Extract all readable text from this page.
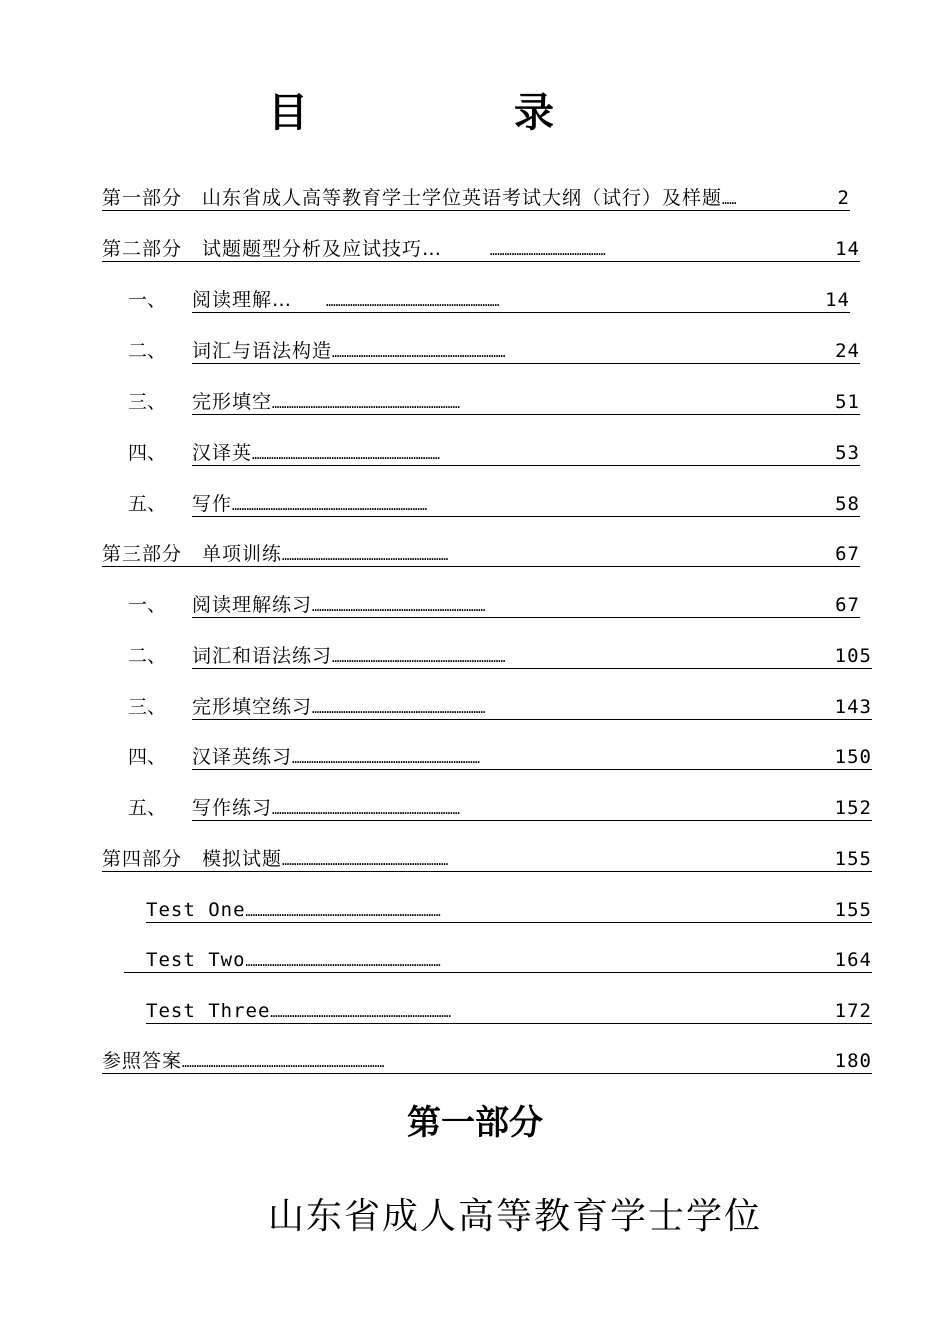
目	录
第一部分　山东省成人高等教育学士学位英语考试大纲（试行）及样题……	2
第二部分　试题题型分析及应试技巧…	…………………………………………	14
一、 阅读理解…	………………………………………………………………	14
二、 词汇与语法构造………………………………………………………………	24
三、 完形填空……………………………………………………………………	51
四、 汉译英……………………………………………………………………	53
五、 写作………………………………………………………………………	58
第三部分　单项训练……………………………………………………………	67
一、 阅读理解练习………………………………………………………………	67
二、 词汇和语法练习………………………………………………………………	105
三、 完形填空练习………………………………………………………………	143
四、 汉译英练习……………………………………………………………………	150
五、 写作练习……………………………………………………………………	152
第四部分　模拟试题……………………………………………………………	155
Test One………………………………………………………………………	155
Test Two………………………………………………………………………	164
Test Three…………………………………………………………………	172
参照答案…………………………………………………………………………	180
第一部分
山东省成人高等教育学士学位
